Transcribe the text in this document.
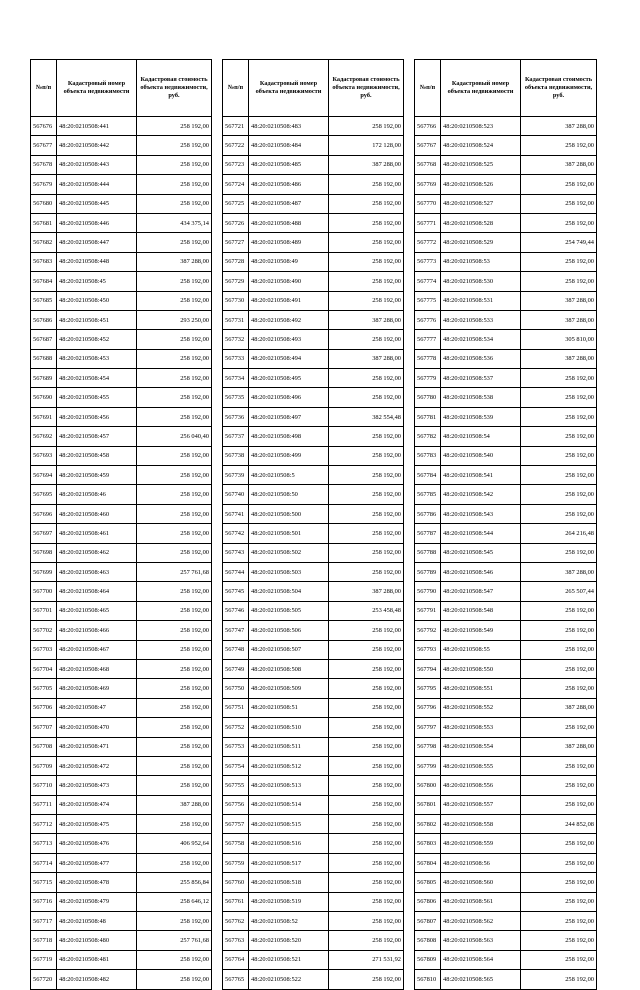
№п/п	Кадастровый номер объекта недвижимости	Кадастровая стоимость объекта недвижимости, руб.
567676	48:20:0210508:441	258 192,00
567677	48:20:0210508:442	258 192,00
567678	48:20:0210508:443	258 192,00
567679	48:20:0210508:444	258 192,00
567680	48:20:0210508:445	258 192,00
567681	48:20:0210508:446	434 375,14
567682	48:20:0210508:447	258 192,00
567683	48:20:0210508:448	387 288,00
567684	48:20:0210508:45	258 192,00
567685	48:20:0210508:450	258 192,00
567686	48:20:0210508:451	293 250,00
567687	48:20:0210508:452	258 192,00
567688	48:20:0210508:453	258 192,00
567689	48:20:0210508:454	258 192,00
567690	48:20:0210508:455	258 192,00
567691	48:20:0210508:456	258 192,00
567692	48:20:0210508:457	256 040,40
567693	48:20:0210508:458	258 192,00
567694	48:20:0210508:459	258 192,00
567695	48:20:0210508:46	258 192,00
567696	48:20:0210508:460	258 192,00
567697	48:20:0210508:461	258 192,00
567698	48:20:0210508:462	258 192,00
567699	48:20:0210508:463	257 761,68
567700	48:20:0210508:464	258 192,00
567701	48:20:0210508:465	258 192,00
567702	48:20:0210508:466	258 192,00
567703	48:20:0210508:467	258 192,00
567704	48:20:0210508:468	258 192,00
567705	48:20:0210508:469	258 192,00
567706	48:20:0210508:47	258 192,00
567707	48:20:0210508:470	258 192,00
567708	48:20:0210508:471	258 192,00
567709	48:20:0210508:472	258 192,00
567710	48:20:0210508:473	258 192,00
567711	48:20:0210508:474	387 288,00
567712	48:20:0210508:475	258 192,00
567713	48:20:0210508:476	406 952,64
567714	48:20:0210508:477	258 192,00
567715	48:20:0210508:478	255 856,84
567716	48:20:0210508:479	258 646,12
567717	48:20:0210508:48	258 192,00
567718	48:20:0210508:480	257 761,68
567719	48:20:0210508:481	258 192,00
567720	48:20:0210508:482	258 192,00
№п/п	Кадастровый номер объекта недвижимости	Кадастровая стоимость объекта недвижимости, руб.
567721	48:20:0210508:483	258 192,00
567722	48:20:0210508:484	172 128,00
567723	48:20:0210508:485	387 288,00
567724	48:20:0210508:486	258 192,00
567725	48:20:0210508:487	258 192,00
567726	48:20:0210508:488	258 192,00
567727	48:20:0210508:489	258 192,00
567728	48:20:0210508:49	258 192,00
567729	48:20:0210508:490	258 192,00
567730	48:20:0210508:491	258 192,00
567731	48:20:0210508:492	387 288,00
567732	48:20:0210508:493	258 192,00
567733	48:20:0210508:494	387 288,00
567734	48:20:0210508:495	258 192,00
567735	48:20:0210508:496	258 192,00
567736	48:20:0210508:497	382 554,48
567737	48:20:0210508:498	258 192,00
567738	48:20:0210508:499	258 192,00
567739	48:20:0210508:5	258 192,00
567740	48:20:0210508:50	258 192,00
567741	48:20:0210508:500	258 192,00
567742	48:20:0210508:501	258 192,00
567743	48:20:0210508:502	258 192,00
567744	48:20:0210508:503	258 192,00
567745	48:20:0210508:504	387 288,00
567746	48:20:0210508:505	253 458,48
567747	48:20:0210508:506	258 192,00
567748	48:20:0210508:507	258 192,00
567749	48:20:0210508:508	258 192,00
567750	48:20:0210508:509	258 192,00
567751	48:20:0210508:51	258 192,00
567752	48:20:0210508:510	258 192,00
567753	48:20:0210508:511	258 192,00
567754	48:20:0210508:512	258 192,00
567755	48:20:0210508:513	258 192,00
567756	48:20:0210508:514	258 192,00
567757	48:20:0210508:515	258 192,00
567758	48:20:0210508:516	258 192,00
567759	48:20:0210508:517	258 192,00
567760	48:20:0210508:518	258 192,00
567761	48:20:0210508:519	258 192,00
567762	48:20:0210508:52	258 192,00
567763	48:20:0210508:520	258 192,00
567764	48:20:0210508:521	271 531,92
567765	48:20:0210508:522	258 192,00
№п/п	Кадастровый номер объекта недвижимости	Кадастровая стоимость объекта недвижимости, руб.
567766	48:20:0210508:523	387 288,00
567767	48:20:0210508:524	258 192,00
567768	48:20:0210508:525	387 288,00
567769	48:20:0210508:526	258 192,00
567770	48:20:0210508:527	258 192,00
567771	48:20:0210508:528	258 192,00
567772	48:20:0210508:529	254 749,44
567773	48:20:0210508:53	258 192,00
567774	48:20:0210508:530	258 192,00
567775	48:20:0210508:531	387 288,00
567776	48:20:0210508:533	387 288,00
567777	48:20:0210508:534	305 810,00
567778	48:20:0210508:536	387 288,00
567779	48:20:0210508:537	258 192,00
567780	48:20:0210508:538	258 192,00
567781	48:20:0210508:539	258 192,00
567782	48:20:0210508:54	258 192,00
567783	48:20:0210508:540	258 192,00
567784	48:20:0210508:541	258 192,00
567785	48:20:0210508:542	258 192,00
567786	48:20:0210508:543	258 192,00
567787	48:20:0210508:544	264 216,48
567788	48:20:0210508:545	258 192,00
567789	48:20:0210508:546	387 288,00
567790	48:20:0210508:547	265 507,44
567791	48:20:0210508:548	258 192,00
567792	48:20:0210508:549	258 192,00
567793	48:20:0210508:55	258 192,00
567794	48:20:0210508:550	258 192,00
567795	48:20:0210508:551	258 192,00
567796	48:20:0210508:552	387 288,00
567797	48:20:0210508:553	258 192,00
567798	48:20:0210508:554	387 288,00
567799	48:20:0210508:555	258 192,00
567800	48:20:0210508:556	258 192,00
567801	48:20:0210508:557	258 192,00
567802	48:20:0210508:558	244 852,08
567803	48:20:0210508:559	258 192,00
567804	48:20:0210508:56	258 192,00
567805	48:20:0210508:560	258 192,00
567806	48:20:0210508:561	258 192,00
567807	48:20:0210508:562	258 192,00
567808	48:20:0210508:563	258 192,00
567809	48:20:0210508:564	258 192,00
567810	48:20:0210508:565	258 192,00
